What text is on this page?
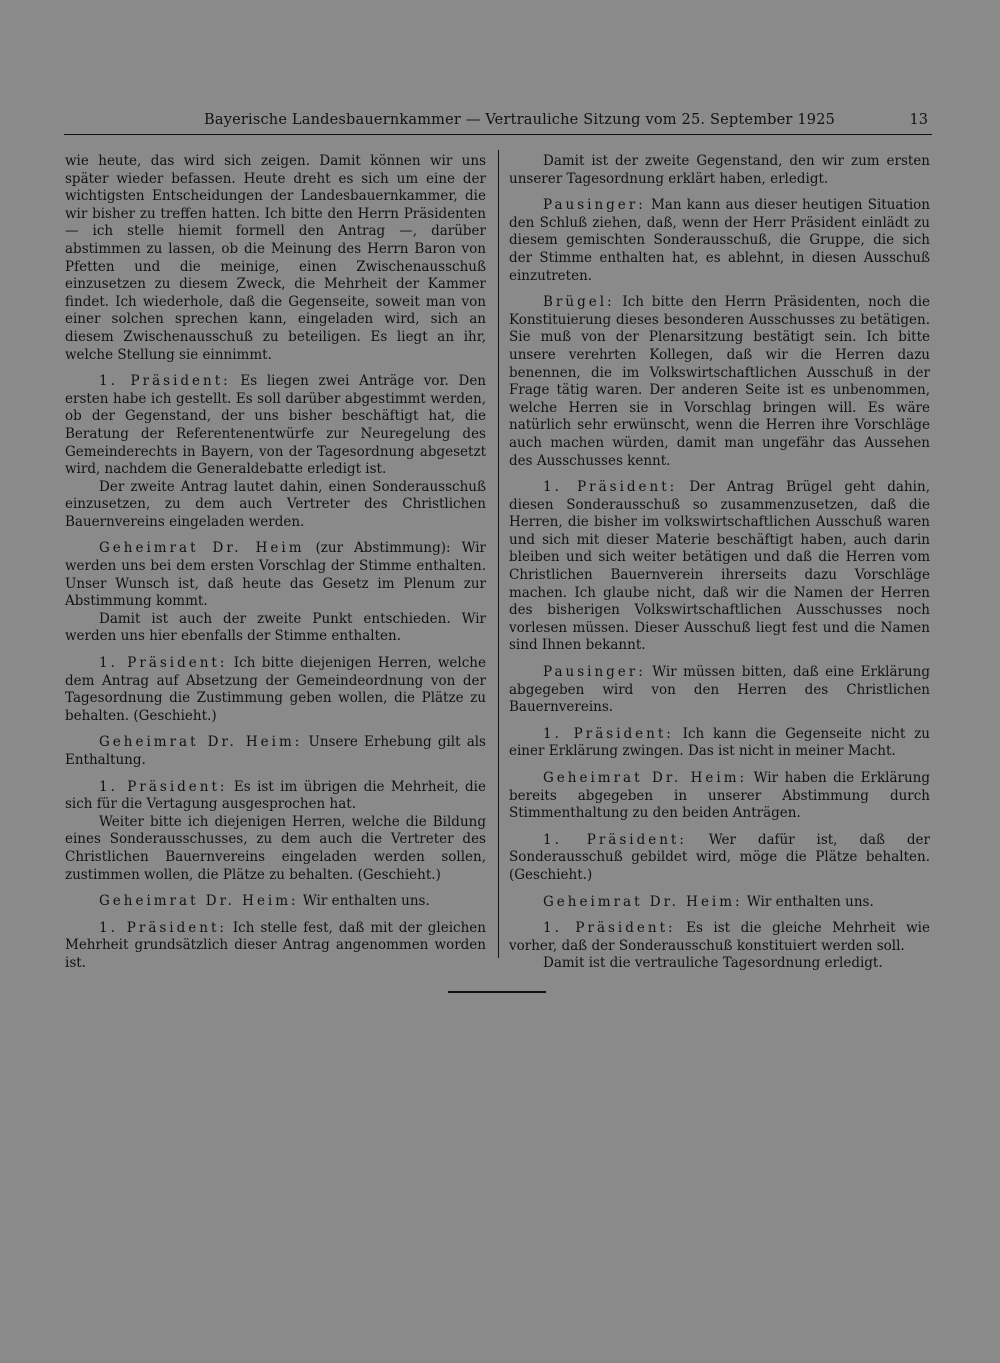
Bayerische Landesbauernkammer — Vertrauliche Sitzung vom 25. September 1925	13

wie heute, das wird sich zeigen. Damit können wir uns später wieder befassen. Heute dreht es sich um eine der wichtigsten Entscheidungen der Landesbauernkammer, die wir bisher zu treffen hatten. Ich bitte den Herrn Präsidenten — ich stelle hiemit formell den Antrag —, darüber abstimmen zu lassen, ob die Meinung des Herrn Baron von Pfetten und die meinige, einen Zwischenausschuß einzusetzen zu diesem Zweck, die Mehrheit der Kammer findet. Ich wiederhole, daß die Gegenseite, soweit man von einer solchen sprechen kann, eingeladen wird, sich an diesem Zwischenausschuß zu beteiligen. Es liegt an ihr, welche Stellung sie einnimmt.

1. Präsident: Es liegen zwei Anträge vor. Den ersten habe ich gestellt. Es soll darüber abgestimmt werden, ob der Gegenstand, der uns bisher beschäftigt hat, die Beratung der Referentenentwürfe zur Neuregelung des Gemeinderechts in Bayern, von der Tagesordnung abgesetzt wird, nachdem die Generaldebatte erledigt ist.

Der zweite Antrag lautet dahin, einen Sonderausschuß einzusetzen, zu dem auch Vertreter des Christlichen Bauernvereins eingeladen werden.

Geheimrat Dr. Heim (zur Abstimmung): Wir werden uns bei dem ersten Vorschlag der Stimme enthalten. Unser Wunsch ist, daß heute das Gesetz im Plenum zur Abstimmung kommt.

Damit ist auch der zweite Punkt entschieden. Wir werden uns hier ebenfalls der Stimme enthalten.

1. Präsident: Ich bitte diejenigen Herren, welche dem Antrag auf Absetzung der Gemeindeordnung von der Tagesordnung die Zustimmung geben wollen, die Plätze zu behalten. (Geschieht.)

Geheimrat Dr. Heim: Unsere Erhebung gilt als Enthaltung.

1. Präsident: Es ist im übrigen die Mehrheit, die sich für die Vertagung ausgesprochen hat.

Weiter bitte ich diejenigen Herren, welche die Bildung eines Sonderausschusses, zu dem auch die Vertreter des Christlichen Bauernvereins eingeladen werden sollen, zustimmen wollen, die Plätze zu behalten. (Geschieht.)

Geheimrat Dr. Heim: Wir enthalten uns.

1. Präsident: Ich stelle fest, daß mit der gleichen Mehrheit grundsätzlich dieser Antrag angenommen worden ist.

Damit ist der zweite Gegenstand, den wir zum ersten unserer Tagesordnung erklärt haben, erledigt.

Pausinger: Man kann aus dieser heutigen Situation den Schluß ziehen, daß, wenn der Herr Präsident einlädt zu diesem gemischten Sonderausschuß, die Gruppe, die sich der Stimme enthalten hat, es ablehnt, in diesen Ausschuß einzutreten.

Brügel: Ich bitte den Herrn Präsidenten, noch die Konstituierung dieses besonderen Ausschusses zu betätigen. Sie muß von der Plenarsitzung bestätigt sein. Ich bitte unsere verehrten Kollegen, daß wir die Herren dazu benennen, die im Volkswirtschaftlichen Ausschuß in der Frage tätig waren. Der anderen Seite ist es unbenommen, welche Herren sie in Vorschlag bringen will. Es wäre natürlich sehr erwünscht, wenn die Herren ihre Vorschläge auch machen würden, damit man ungefähr das Aussehen des Ausschusses kennt.

1. Präsident: Der Antrag Brügel geht dahin, diesen Sonderausschuß so zusammenzusetzen, daß die Herren, die bisher im volkswirtschaftlichen Ausschuß waren und sich mit dieser Materie beschäftigt haben, auch darin bleiben und sich weiter betätigen und daß die Herren vom Christlichen Bauernverein ihrerseits dazu Vorschläge machen. Ich glaube nicht, daß wir die Namen der Herren des bisherigen Volkswirtschaftlichen Ausschusses noch vorlesen müssen. Dieser Ausschuß liegt fest und die Namen sind Ihnen bekannt.

Pausinger: Wir müssen bitten, daß eine Erklärung abgegeben wird von den Herren des Christlichen Bauernvereins.

1. Präsident: Ich kann die Gegenseite nicht zu einer Erklärung zwingen. Das ist nicht in meiner Macht.

Geheimrat Dr. Heim: Wir haben die Erklärung bereits abgegeben in unserer Abstimmung durch Stimmenthaltung zu den beiden Anträgen.

1. Präsident: Wer dafür ist, daß der Sonderausschuß gebildet wird, möge die Plätze behalten. (Geschieht.)

Geheimrat Dr. Heim: Wir enthalten uns.

1. Präsident: Es ist die gleiche Mehrheit wie vorher, daß der Sonderausschuß konstituiert werden soll.

Damit ist die vertrauliche Tagesordnung erledigt.
